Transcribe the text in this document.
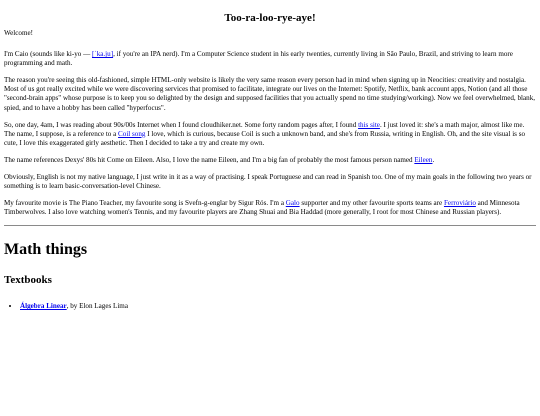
Too-ra-loo-rye-aye!

Welcome!

I'm Caio (sounds like ki-yo — [ˈka.ju], if you're an IPA nerd). I'm a Computer Science student in his early twenties, currently living in São Paulo, Brazil, and striving to learn more programming and math.

The reason you're seeing this old-fashioned, simple HTML-only website is likely the very same reason every person had in mind when signing up in Neocities: creativity and nostalgia. Most of us got really excited while we were discovering services that promised to facilitate, integrate our lives on the Internet: Spotify, Netflix, bank account apps, Notion (and all those "second-brain apps" whose purpose is to keep you so delighted by the design and supposed facilities that you actually spend no time studying/working). Now we feel overwhelmed, blank, spied, and to have a hobby has been called "hyperfocus".

So, one day, 4am, I was reading about 90s/00s Internet when I found cloudhiker.net. Some forty random pages after, I found this site. I just loved it: she's a math major, almost like me. The name, I suppose, is a reference to a Coil song I love, which is curious, because Coil is such a unknown band, and she's from Russia, writing in English. Oh, and the site visual is so cute, I love this exaggerated girly aesthetic. Then I decided to take a try and create my own.

The name references Dexys' 80s hit Come on Eileen. Also, I love the name Eileen, and I'm a big fan of probably the most famous person named Eileen.

Obviously, English is not my native language, I just write in it as a way of practising. I speak Portuguese and can read in Spanish too. One of my main goals in the following two years or something is to learn basic-conversation-level Chinese.

My favourite movie is The Piano Teacher, my favourite song is Svefn-g-englar by Sigur Rós. I'm a Galo supporter and my other favourite sports teams are Ferroviário and Minnesota Timberwolves. I also love watching women's Tennis, and my favourite players are Zhang Shuai and Bia Haddad (more generally, I root for most Chinese and Russian players).

Math things
Textbooks
• Álgebra Linear, by Elon Lages Lima
